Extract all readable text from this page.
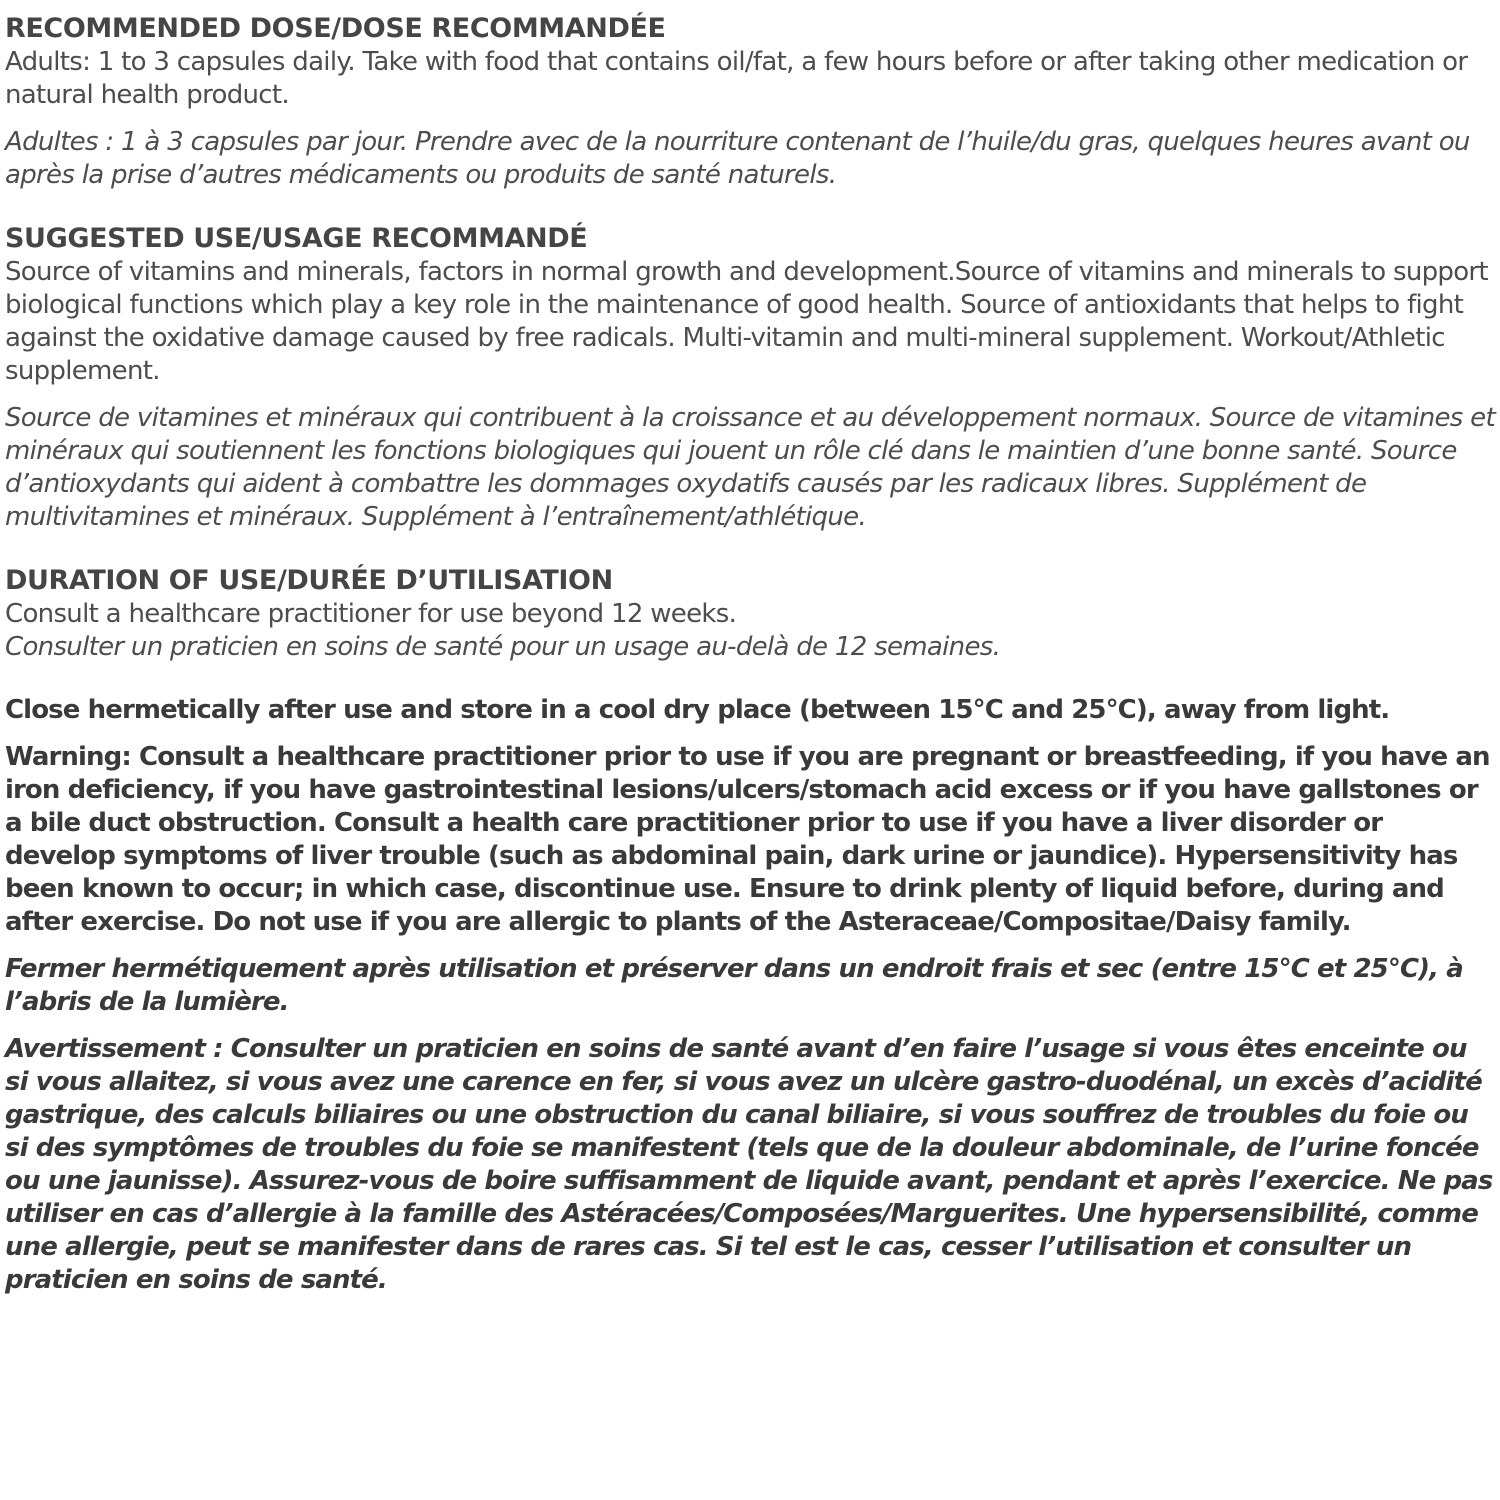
RECOMMENDED DOSE/DOSE RECOMMANDÉE

Adults: 1 to 3 capsules daily. Take with food that contains oil/fat, a few hours before or after taking other medication or natural health product.

Adultes : 1 à 3 capsules par jour. Prendre avec de la nourriture contenant de l’huile/du gras, quelques heures avant ou après la prise d’autres médicaments ou produits de santé naturels.

SUGGESTED USE/USAGE RECOMMANDÉ

Source of vitamins and minerals, factors in normal growth and development.Source of vitamins and minerals to support biological functions which play a key role in the maintenance of good health. Source of antioxidants that helps to fight against the oxidative damage caused by free radicals. Multi-vitamin and multi-mineral supplement. Workout/Athletic supplement.

Source de vitamines et minéraux qui contribuent à la croissance et au développement normaux. Source de vitamines et minéraux qui soutiennent les fonctions biologiques qui jouent un rôle clé dans le maintien d’une bonne santé. Source d’antioxydants qui aident à combattre les dommages oxydatifs causés par les radicaux libres. Supplément de multivitamines et minéraux. Supplément à l’entraînement/athlétique.

DURATION OF USE/DURÉE D’UTILISATION

Consult a healthcare practitioner for use beyond 12 weeks.

Consulter un praticien en soins de santé pour un usage au-delà de 12 semaines.

Close hermetically after use and store in a cool dry place (between 15°C and 25°C), away from light.

Warning: Consult a healthcare practitioner prior to use if you are pregnant or breastfeeding, if you have an iron deficiency, if you have gastrointestinal lesions/ulcers/stomach acid excess or if you have gallstones or a bile duct obstruction. Consult a health care practitioner prior to use if you have a liver disorder or develop symptoms of liver trouble (such as abdominal pain, dark urine or jaundice). Hypersensitivity has been known to occur; in which case, discontinue use. Ensure to drink plenty of liquid before, during and after exercise. Do not use if you are allergic to plants of the Asteraceae/Compositae/Daisy family.

Fermer hermétiquement après utilisation et préserver dans un endroit frais et sec (entre 15°C et 25°C), à l’abris de la lumière.

Avertissement : Consulter un praticien en soins de santé avant d’en faire l’usage si vous êtes enceinte ou si vous allaitez, si vous avez une carence en fer, si vous avez un ulcère gastro-duodénal, un excès d’acidité gastrique, des calculs biliaires ou une obstruction du canal biliaire, si vous souffrez de troubles du foie ou si des symptômes de troubles du foie se manifestent (tels que de la douleur abdominale, de l’urine foncée ou une jaunisse). Assurez-vous de boire suffisamment de liquide avant, pendant et après l’exercice. Ne pas utiliser en cas d’allergie à la famille des Astéracées/Composées/Marguerites. Une hypersensibilité, comme une allergie, peut se manifester dans de rares cas. Si tel est le cas, cesser l’utilisation et consulter un praticien en soins de santé.
